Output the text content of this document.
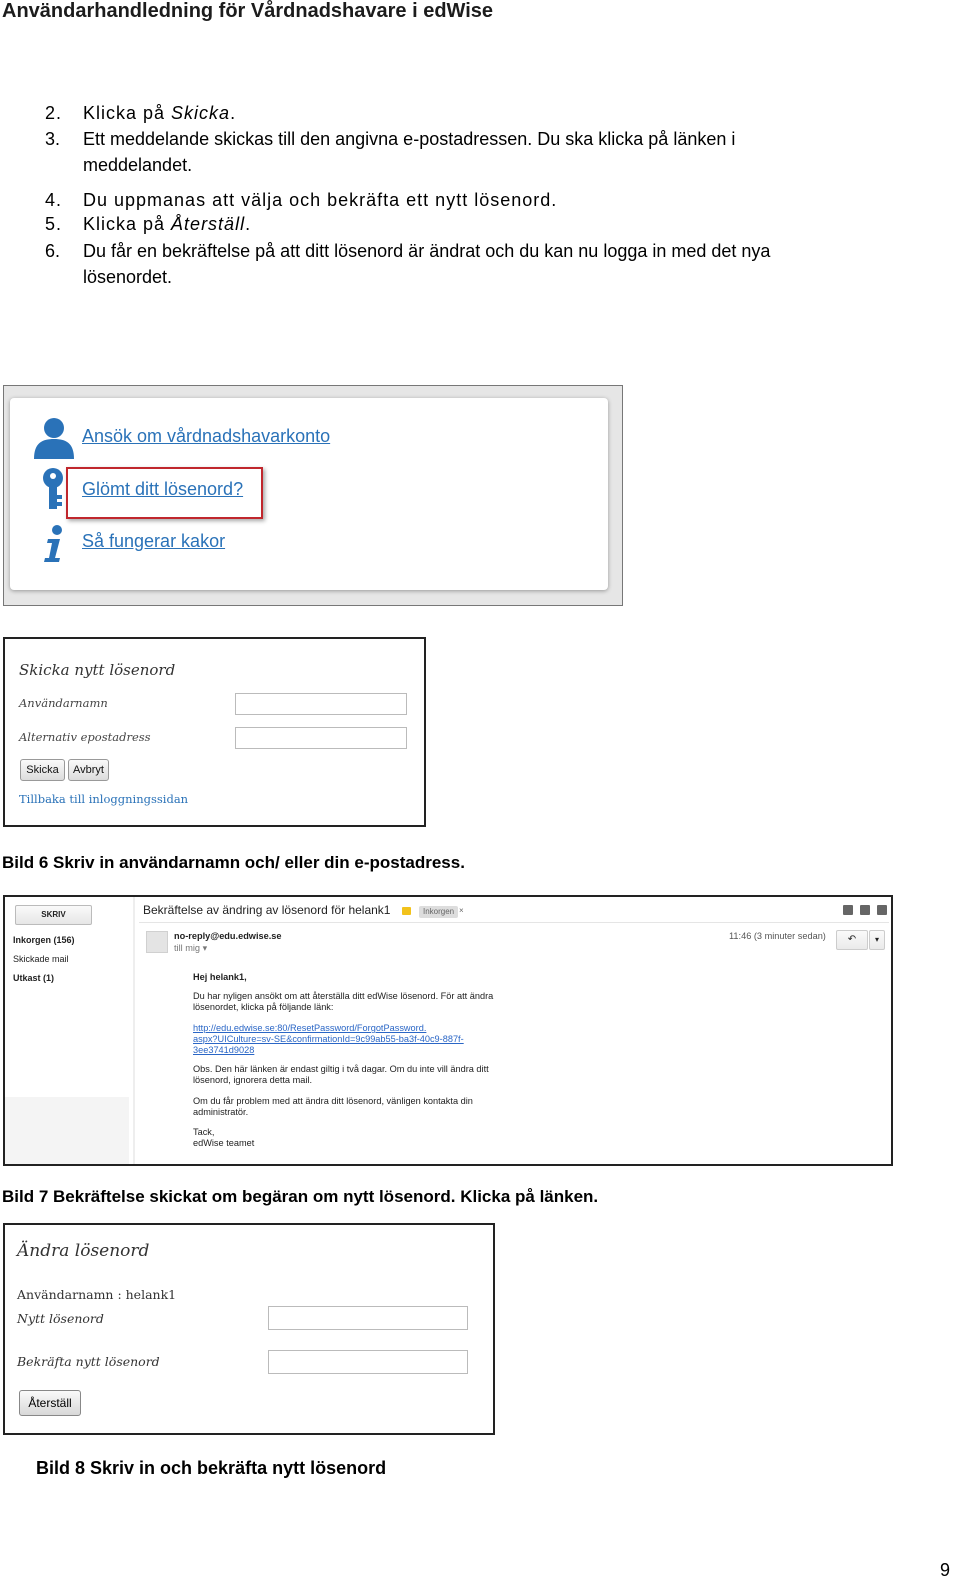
Användarhandledning för Vårdnadshavare i edWise
2.	Klicka på Skicka.
3.	Ett meddelande skickas till den angivna e-postadressen. Du ska klicka på länken i meddelandet.
4.	Du uppmanas att välja och bekräfta ett nytt lösenord.
5.	Klicka på Återställ.
6.	Du får en bekräftelse på att ditt lösenord är ändrat och du kan nu logga in med det nya lösenordet.
Ansök om vårdnadshavarkonto
Glömt ditt lösenord?
Så fungerar kakor
Skicka nytt lösenord
Användarnamn
Alternativ epostadress
Skicka	Avbryt
Tillbaka till inloggningssidan
Bild 6 Skriv in användarnamn och/ eller din e-postadress.
SKRIV
Inkorgen (156)
Skickade mail
Utkast (1)
Bekräftelse av ändring av lösenord för helank1	Inkorgen ×
no-reply@edu.edwise.se
till mig ▾
11:46 (3 minuter sedan)	↶	▾
Hej helank1,
Du har nyligen ansökt om att återställa ditt edWise lösenord. För att ändra
lösenordet, klicka på följande länk:
http://edu.edwise.se:80/ResetPassword/ForgotPassword.
aspx?UICulture=sv-SE&confirmationId=9c99ab55-ba3f-40c9-887f-
3ee3741d9028
Obs. Den här länken är endast giltig i två dagar. Om du inte vill ändra ditt
lösenord, ignorera detta mail.
Om du får problem med att ändra ditt lösenord, vänligen kontakta din
administratör.
Tack,
edWise teamet
Bild 7 Bekräftelse skickat om begäran om nytt lösenord. Klicka på länken.
Ändra lösenord
Användarnamn : helank1
Nytt lösenord
Bekräfta nytt lösenord
Återställ
Bild 8 Skriv in och bekräfta nytt lösenord
9
